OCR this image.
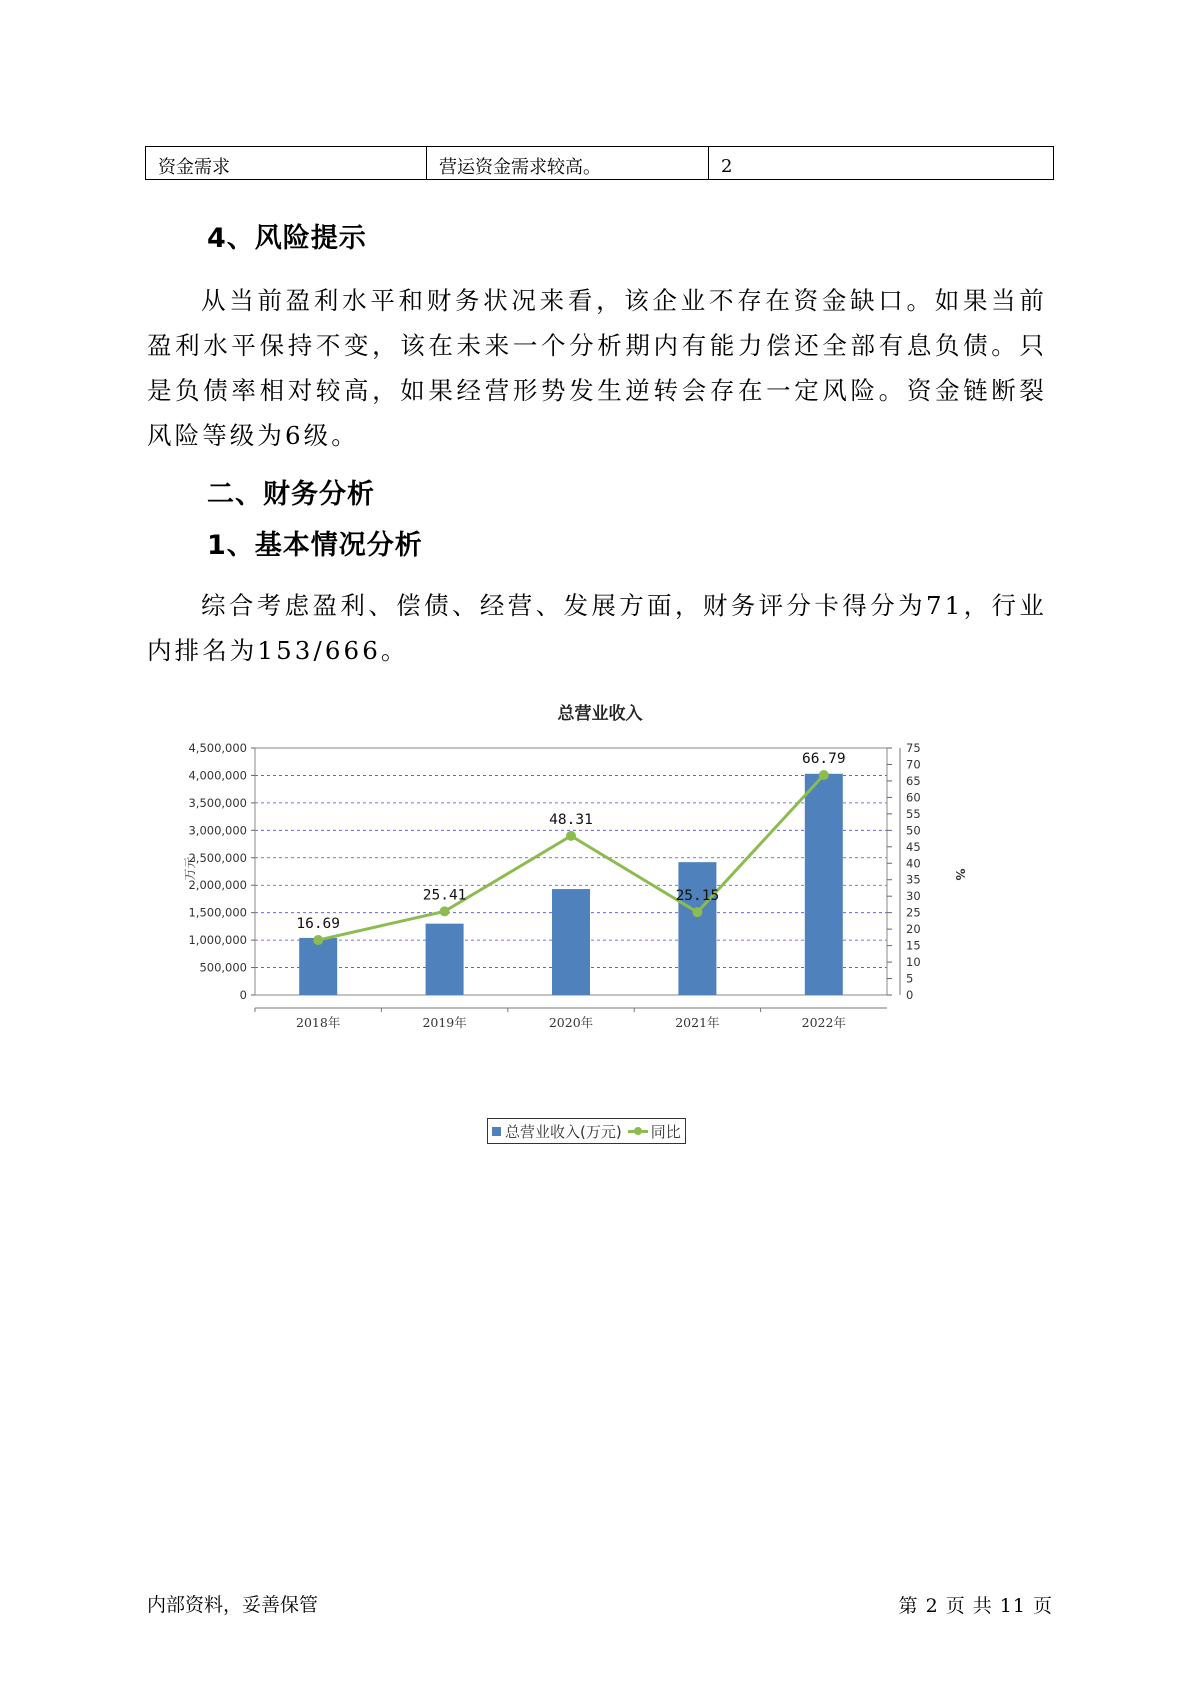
资金需求	营运资金需求较高。	2
4、风险提示

从当前盈利水平和财务状况来看，该企业不存在资金缺口。如果当前盈利水平保持不变，该在未来一个分析期内有能力偿还全部有息负债。只是负债率相对较高，如果经营形势发生逆转会存在一定风险。资金链断裂风险等级为6级。

二、财务分析
1、基本情况分析

综合考虑盈利、偿债、经营、发展方面，财务评分卡得分为71，行业内排名为153/666。

总营业收入
0
500,000
1,000,000
1,500,000
2,000,000
2,500,000
3,000,000
3,500,000
4,000,000
4,500,000
0
5
10
15
20
25
30
35
40
45
50
55
60
65
70
75
万元	%
2018年	2019年	2020年	2021年	2022年
16.69
25.41
48.31
25.15
66.79
总营业收入(万元) 同比
内部资料，妥善保管	第 2 页 共 11 页
